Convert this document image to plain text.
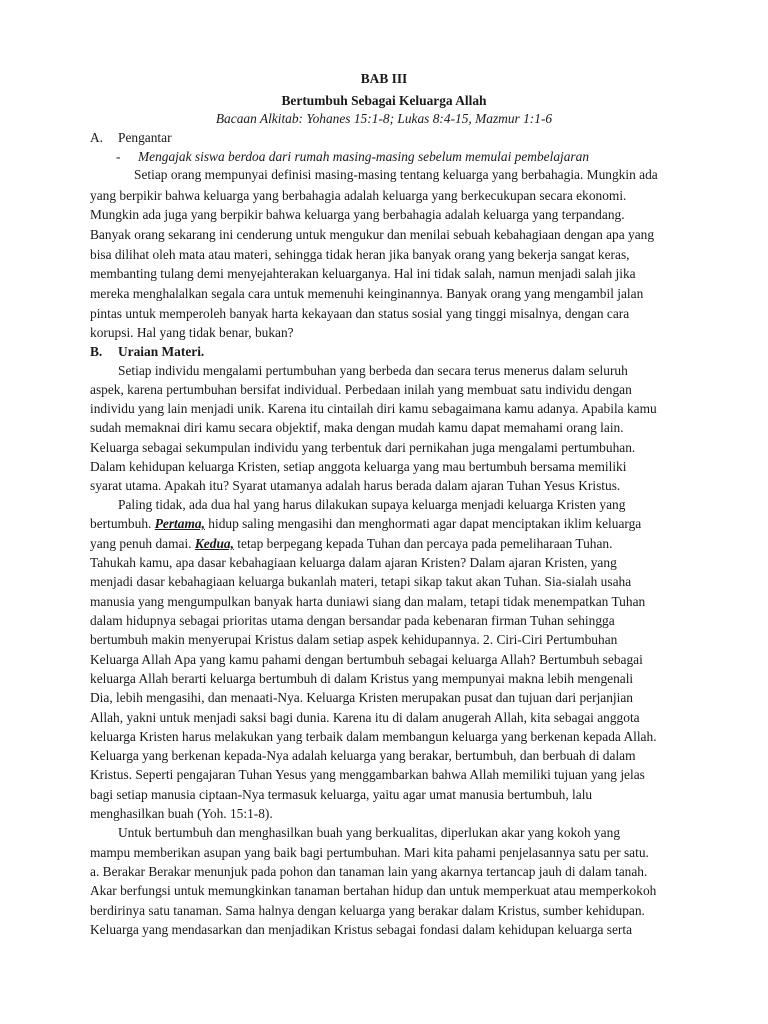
BAB III
Bertumbuh Sebagai Keluarga Allah
Bacaan Alkitab: Yohanes 15:1-8; Lukas 8:4-15, Mazmur 1:1-6
A. Pengantar
- Mengajak siswa berdoa dari rumah masing-masing sebelum memulai pembelajaran
Setiap orang mempunyai definisi masing-masing tentang keluarga yang berbahagia. Mungkin ada
yang berpikir bahwa keluarga yang berbahagia adalah keluarga yang berkecukupan secara ekonomi.
Mungkin ada juga yang berpikir bahwa keluarga yang berbahagia adalah keluarga yang terpandang.
Banyak orang sekarang ini cenderung untuk mengukur dan menilai sebuah kebahagiaan dengan apa yang
bisa dilihat oleh mata atau materi, sehingga tidak heran jika banyak orang yang bekerja sangat keras,
membanting tulang demi menyejahterakan keluarganya. Hal ini tidak salah, namun menjadi salah jika
mereka menghalalkan segala cara untuk memenuhi keinginannya. Banyak orang yang mengambil jalan
pintas untuk memperoleh banyak harta kekayaan dan status sosial yang tinggi misalnya, dengan cara
korupsi. Hal yang tidak benar, bukan?
B. Uraian Materi.
Setiap individu mengalami pertumbuhan yang berbeda dan secara terus menerus dalam seluruh
aspek, karena pertumbuhan bersifat individual. Perbedaan inilah yang membuat satu individu dengan
individu yang lain menjadi unik. Karena itu cintailah diri kamu sebagaimana kamu adanya. Apabila kamu
sudah memaknai diri kamu secara objektif, maka dengan mudah kamu dapat memahami orang lain.
Keluarga sebagai sekumpulan individu yang terbentuk dari pernikahan juga mengalami pertumbuhan.
Dalam kehidupan keluarga Kristen, setiap anggota keluarga yang mau bertumbuh bersama memiliki
syarat utama. Apakah itu? Syarat utamanya adalah harus berada dalam ajaran Tuhan Yesus Kristus.
Paling tidak, ada dua hal yang harus dilakukan supaya keluarga menjadi keluarga Kristen yang
bertumbuh. Pertama, hidup saling mengasihi dan menghormati agar dapat menciptakan iklim keluarga
yang penuh damai. Kedua, tetap berpegang kepada Tuhan dan percaya pada pemeliharaan Tuhan.
Tahukah kamu, apa dasar kebahagiaan keluarga dalam ajaran Kristen? Dalam ajaran Kristen, yang
menjadi dasar kebahagiaan keluarga bukanlah materi, tetapi sikap takut akan Tuhan. Sia-sialah usaha
manusia yang mengumpulkan banyak harta duniawi siang dan malam, tetapi tidak menempatkan Tuhan
dalam hidupnya sebagai prioritas utama dengan bersandar pada kebenaran firman Tuhan sehingga
bertumbuh makin menyerupai Kristus dalam setiap aspek kehidupannya. 2. Ciri-Ciri Pertumbuhan
Keluarga Allah Apa yang kamu pahami dengan bertumbuh sebagai keluarga Allah? Bertumbuh sebagai
keluarga Allah berarti keluarga bertumbuh di dalam Kristus yang mempunyai makna lebih mengenali
Dia, lebih mengasihi, dan menaati-Nya. Keluarga Kristen merupakan pusat dan tujuan dari perjanjian
Allah, yakni untuk menjadi saksi bagi dunia. Karena itu di dalam anugerah Allah, kita sebagai anggota
keluarga Kristen harus melakukan yang terbaik dalam membangun keluarga yang berkenan kepada Allah.
Keluarga yang berkenan kepada-Nya adalah keluarga yang berakar, bertumbuh, dan berbuah di dalam
Kristus. Seperti pengajaran Tuhan Yesus yang menggambarkan bahwa Allah memiliki tujuan yang jelas
bagi setiap manusia ciptaan-Nya termasuk keluarga, yaitu agar umat manusia bertumbuh, lalu
menghasilkan buah (Yoh. 15:1-8).
Untuk bertumbuh dan menghasilkan buah yang berkualitas, diperlukan akar yang kokoh yang
mampu memberikan asupan yang baik bagi pertumbuhan. Mari kita pahami penjelasannya satu per satu.
a. Berakar Berakar menunjuk pada pohon dan tanaman lain yang akarnya tertancap jauh di dalam tanah.
Akar berfungsi untuk memungkinkan tanaman bertahan hidup dan untuk memperkuat atau memperkokoh
berdirinya satu tanaman. Sama halnya dengan keluarga yang berakar dalam Kristus, sumber kehidupan.
Keluarga yang mendasarkan dan menjadikan Kristus sebagai fondasi dalam kehidupan keluarga serta
